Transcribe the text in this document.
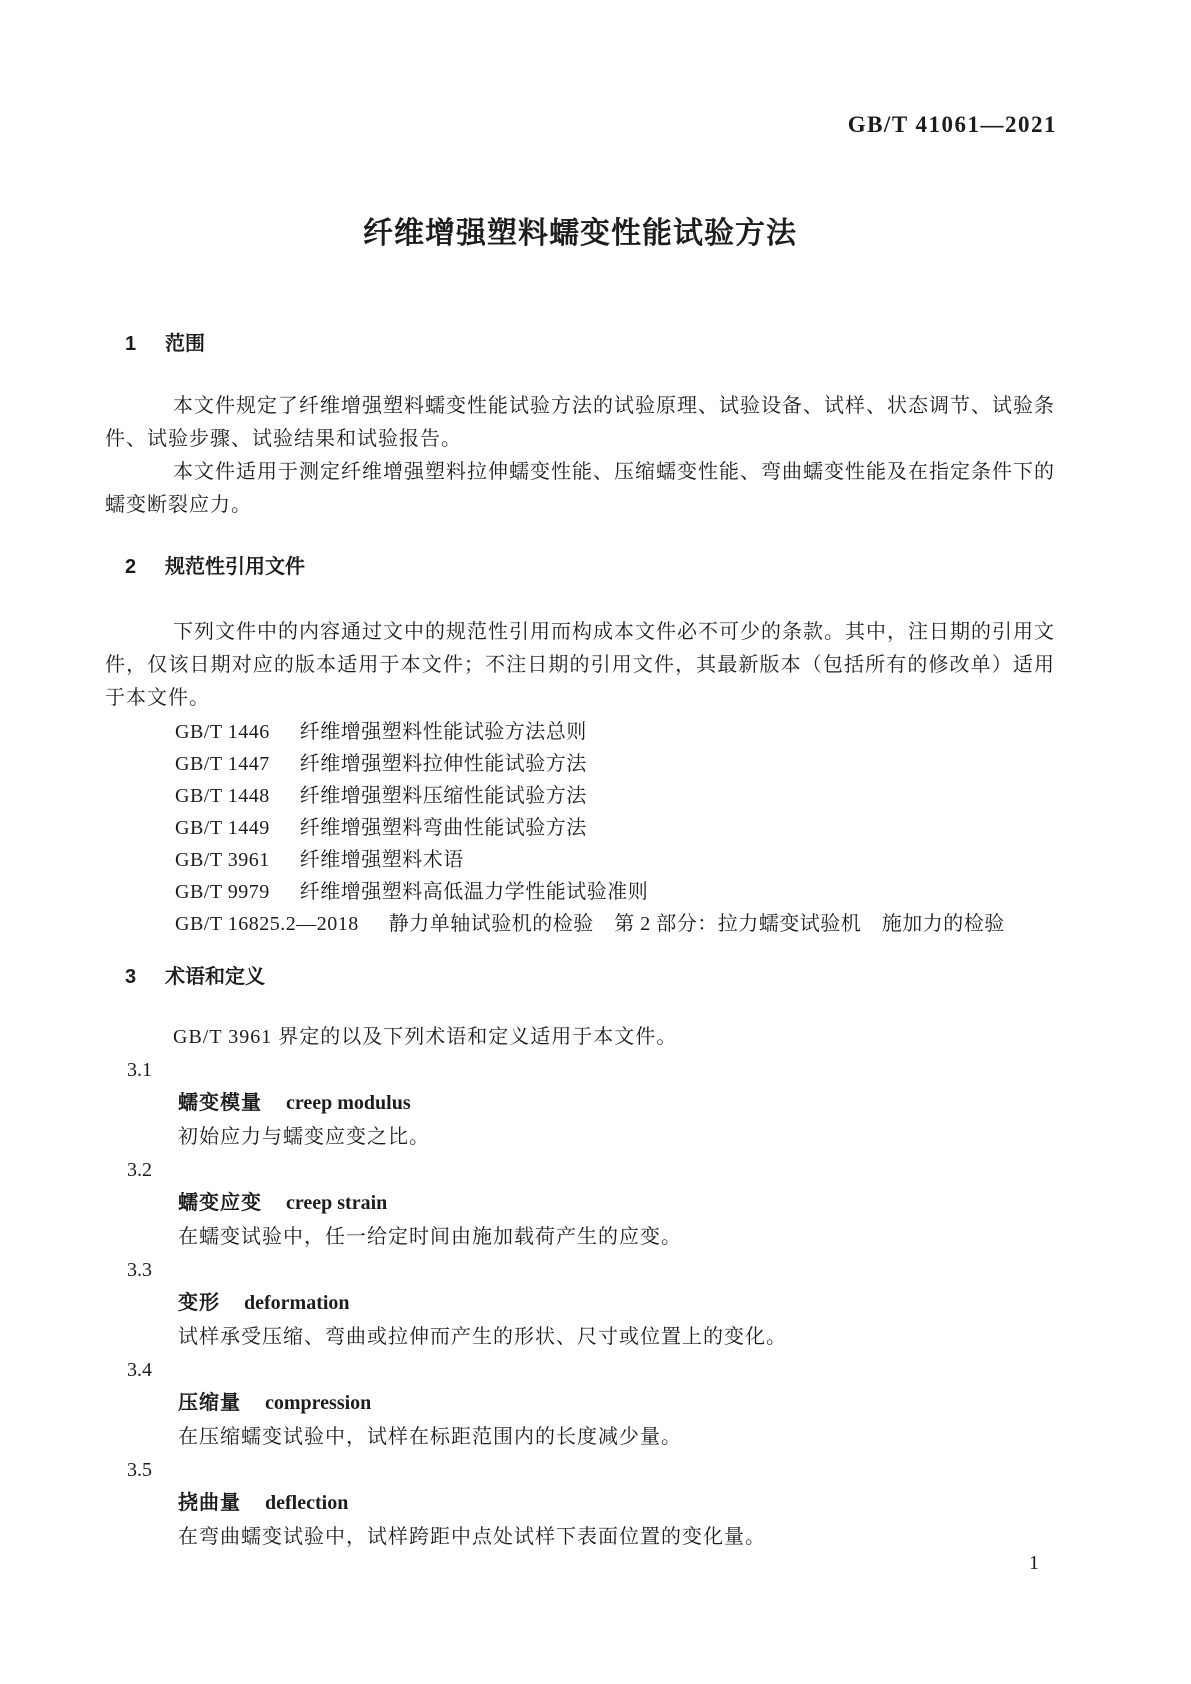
GB/T 41061—2021
纤维增强塑料蠕变性能试验方法
1 范围

本文件规定了纤维增强塑料蠕变性能试验方法的试验原理、试验设备、试样、状态调节、试验条件、试验步骤、试验结果和试验报告。

本文件适用于测定纤维增强塑料拉伸蠕变性能、压缩蠕变性能、弯曲蠕变性能及在指定条件下的蠕变断裂应力。

2 规范性引用文件

下列文件中的内容通过文中的规范性引用而构成本文件必不可少的条款。其中，注日期的引用文件，仅该日期对应的版本适用于本文件；不注日期的引用文件，其最新版本（包括所有的修改单）适用于本文件。

GB/T 1446 纤维增强塑料性能试验方法总则
GB/T 1447 纤维增强塑料拉伸性能试验方法
GB/T 1448 纤维增强塑料压缩性能试验方法
GB/T 1449 纤维增强塑料弯曲性能试验方法
GB/T 3961 纤维增强塑料术语
GB/T 9979 纤维增强塑料高低温力学性能试验准则
GB/T 16825.2—2018 静力单轴试验机的检验　第 2 部分：拉力蠕变试验机　施加力的检验
3 术语和定义

GB/T 3961 界定的以及下列术语和定义适用于本文件。

3.1
蠕变模量 creep modulus
初始应力与蠕变应变之比。
3.2
蠕变应变 creep strain
在蠕变试验中，任一给定时间由施加载荷产生的应变。
3.3
变形 deformation
试样承受压缩、弯曲或拉伸而产生的形状、尺寸或位置上的变化。
3.4
压缩量 compression
在压缩蠕变试验中，试样在标距范围内的长度减少量。
3.5
挠曲量 deflection
在弯曲蠕变试验中，试样跨距中点处试样下表面位置的变化量。
1
